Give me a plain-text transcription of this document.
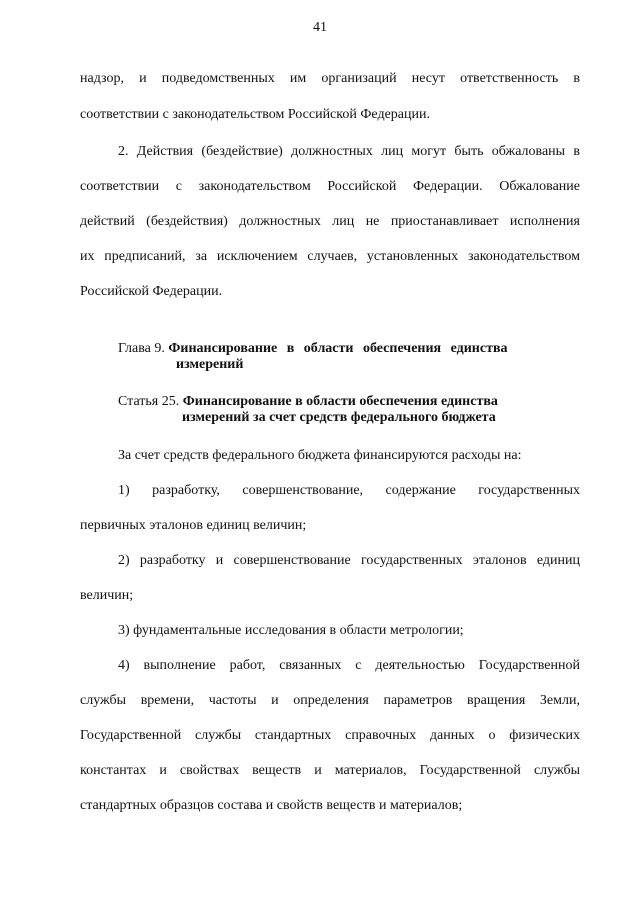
41
надзор, и подведомственных им организаций несут ответственность в
соответствии с законодательством Российской Федерации.
2. Действия (бездействие) должностных лиц могут быть обжалованы в
соответствии с законодательством Российской Федерации. Обжалование
действий (бездействия) должностных лиц не приостанавливает исполнения
их предписаний, за исключением случаев, установленных законодательством
Российской Федерации.
Глава 9. Финансирование в области обеспечения единства
измерений
Статья 25. Финансирование в области обеспечения единства
измерений за счет средств федерального бюджета
За счет средств федерального бюджета финансируются расходы на:
1) разработку, совершенствование, содержание государственных
первичных эталонов единиц величин;
2) разработку и совершенствование государственных эталонов единиц
величин;
3) фундаментальные исследования в области метрологии;
4) выполнение работ, связанных с деятельностью Государственной
службы времени, частоты и определения параметров вращения Земли,
Государственной службы стандартных справочных данных о физических
константах и свойствах веществ и материалов, Государственной службы
стандартных образцов состава и свойств веществ и материалов;
